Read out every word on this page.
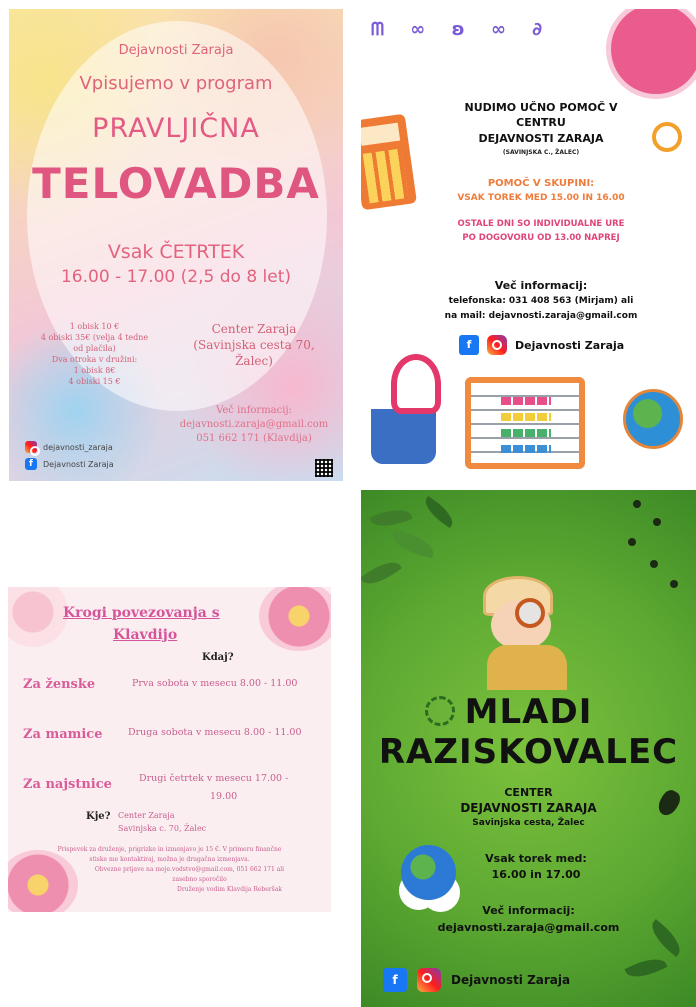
Dejavnosti Zaraja
Vpisujemo v program
PRAVLJIČNA
TELOVADBA
Vsak ČETRTEK
16.00 - 17.00 (2,5 do 8 let)
1 obisk 10 €
4 obiski 35€ (velja 4 tedne
od plačila)
Dva otroka v družini:
1 obisk 8€
4 obiski 15 €
Center Zaraja
(Savinjska cesta 70,
Žalec)
Več informacij:
dejavnosti.zaraja@gmail.com
051 662 171 (Klavdija)
dejavnosti_zaraja
f	Dejavnosti Zaraja
ᗰ ∞ ʚ ∞ ∂
NUDIMO UČNO POMOČ V
CENTRU
DEJAVNOSTI ZARAJA
(SAVINJSKA C., ŽALEC)
POMOČ V SKUPINI:
VSAK TOREK MED 15.00 IN 16.00
OSTALE DNI SO INDIVIDUALNE URE
PO DOGOVORU OD 13.00 NAPREJ
Več informacij:
telefonska: 031 408 563 (Mirjam) ali
na mail: dejavnosti.zaraja@gmail.com
f	Dejavnosti Zaraja
Krogi povezovanja s
Klavdijo
Kdaj?
Za ženske	Prva sobota v mesecu 8.00 - 11.00
Za mamice	Druga sobota v mesecu 8.00 - 11.00
Za najstnice	Drugi četrtek v mesecu 17.00 -
19.00
Kje? Center Zaraja
Savinjska c. 70, Žalec
Prispevek za druženje, prigrizke in izmenjavo je 15 €. V primeru finančne
stiske me kontaktiraj, možna je drugačna izmenjava.
Obvezne prijave na moje.vodstvo@gmail.com, 051 662 171 ali
zasebno sporočilo
Druženje vodim Klavdija Reberšak
MLADI
RAZISKOVALEC
CENTER
DEJAVNOSTI ZARAJA
Savinjska cesta, Žalec
Vsak torek med:
16.00 in 17.00
Več informacij:
dejavnosti.zaraja@gmail.com
f	Dejavnosti Zaraja
